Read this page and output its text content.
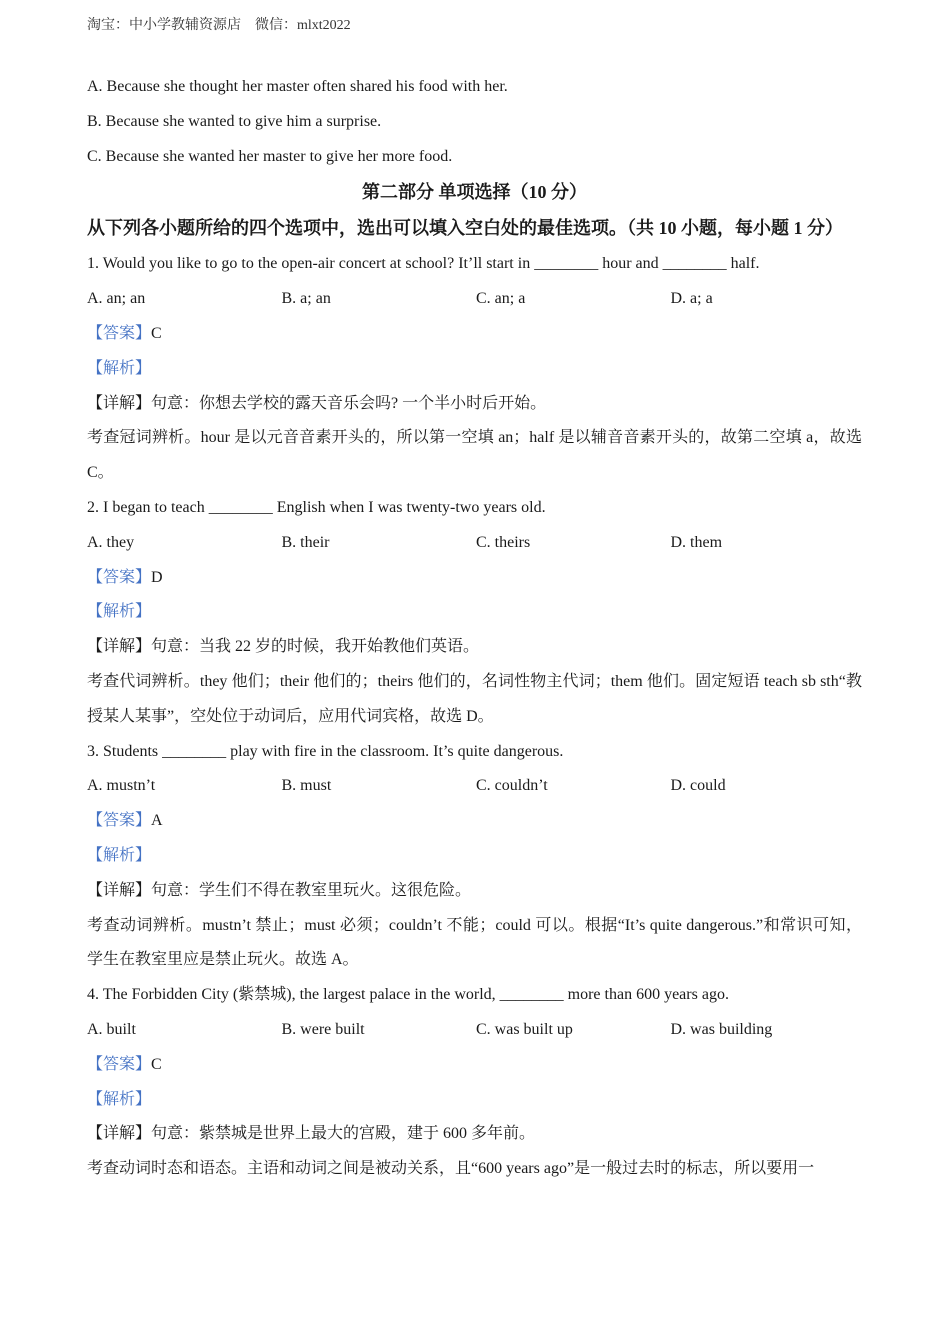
淘宝：中小学教辅资源店    微信：mlxt2022
A. Because she thought her master often shared his food with her.
B. Because she wanted to give him a surprise.
C. Because she wanted her master to give her more food.
第二部分 单项选择（10 分）
从下列各小题所给的四个选项中，选出可以填入空白处的最佳选项。（共 10 小题，每小题 1 分）
1. Would you like to go to the open-air concert at school? It’ll start in ________ hour and ________ half.
A. an; an	B. a; an	C. an; a	D. a; a
【答案】C
【解析】
【详解】句意：你想去学校的露天音乐会吗? 一个半小时后开始。
考查冠词辨析。hour 是以元音音素开头的，所以第一空填 an；half 是以辅音音素开头的，故第二空填 a，故选 C。
2. I began to teach ________ English when I was twenty-two years old.
A. they	B. their	C. theirs	D. them
【答案】D
【解析】
【详解】句意：当我 22 岁的时候，我开始教他们英语。
考查代词辨析。they 他们；their 他们的；theirs 他们的，名词性物主代词；them 他们。固定短语 teach sb sth“教授某人某事”，空处位于动词后，应用代词宾格，故选 D。
3. Students ________ play with fire in the classroom. It’s quite dangerous.
A. mustn’t	B. must	C. couldn’t	D. could
【答案】A
【解析】
【详解】句意：学生们不得在教室里玩火。这很危险。
考查动词辨析。mustn’t 禁止；must 必须；couldn’t 不能；could 可以。根据“It’s quite dangerous.”和常识可知，学生在教室里应是禁止玩火。故选 A。
4. The Forbidden City (紫禁城), the largest palace in the world, ________ more than 600 years ago.
A. built	B. were built	C. was built up	D. was building
【答案】C
【解析】
【详解】句意：紫禁城是世界上最大的宫殿，建于 600 多年前。
考查动词时态和语态。主语和动词之间是被动关系，且“600 years ago”是一般过去时的标志，所以要用一
